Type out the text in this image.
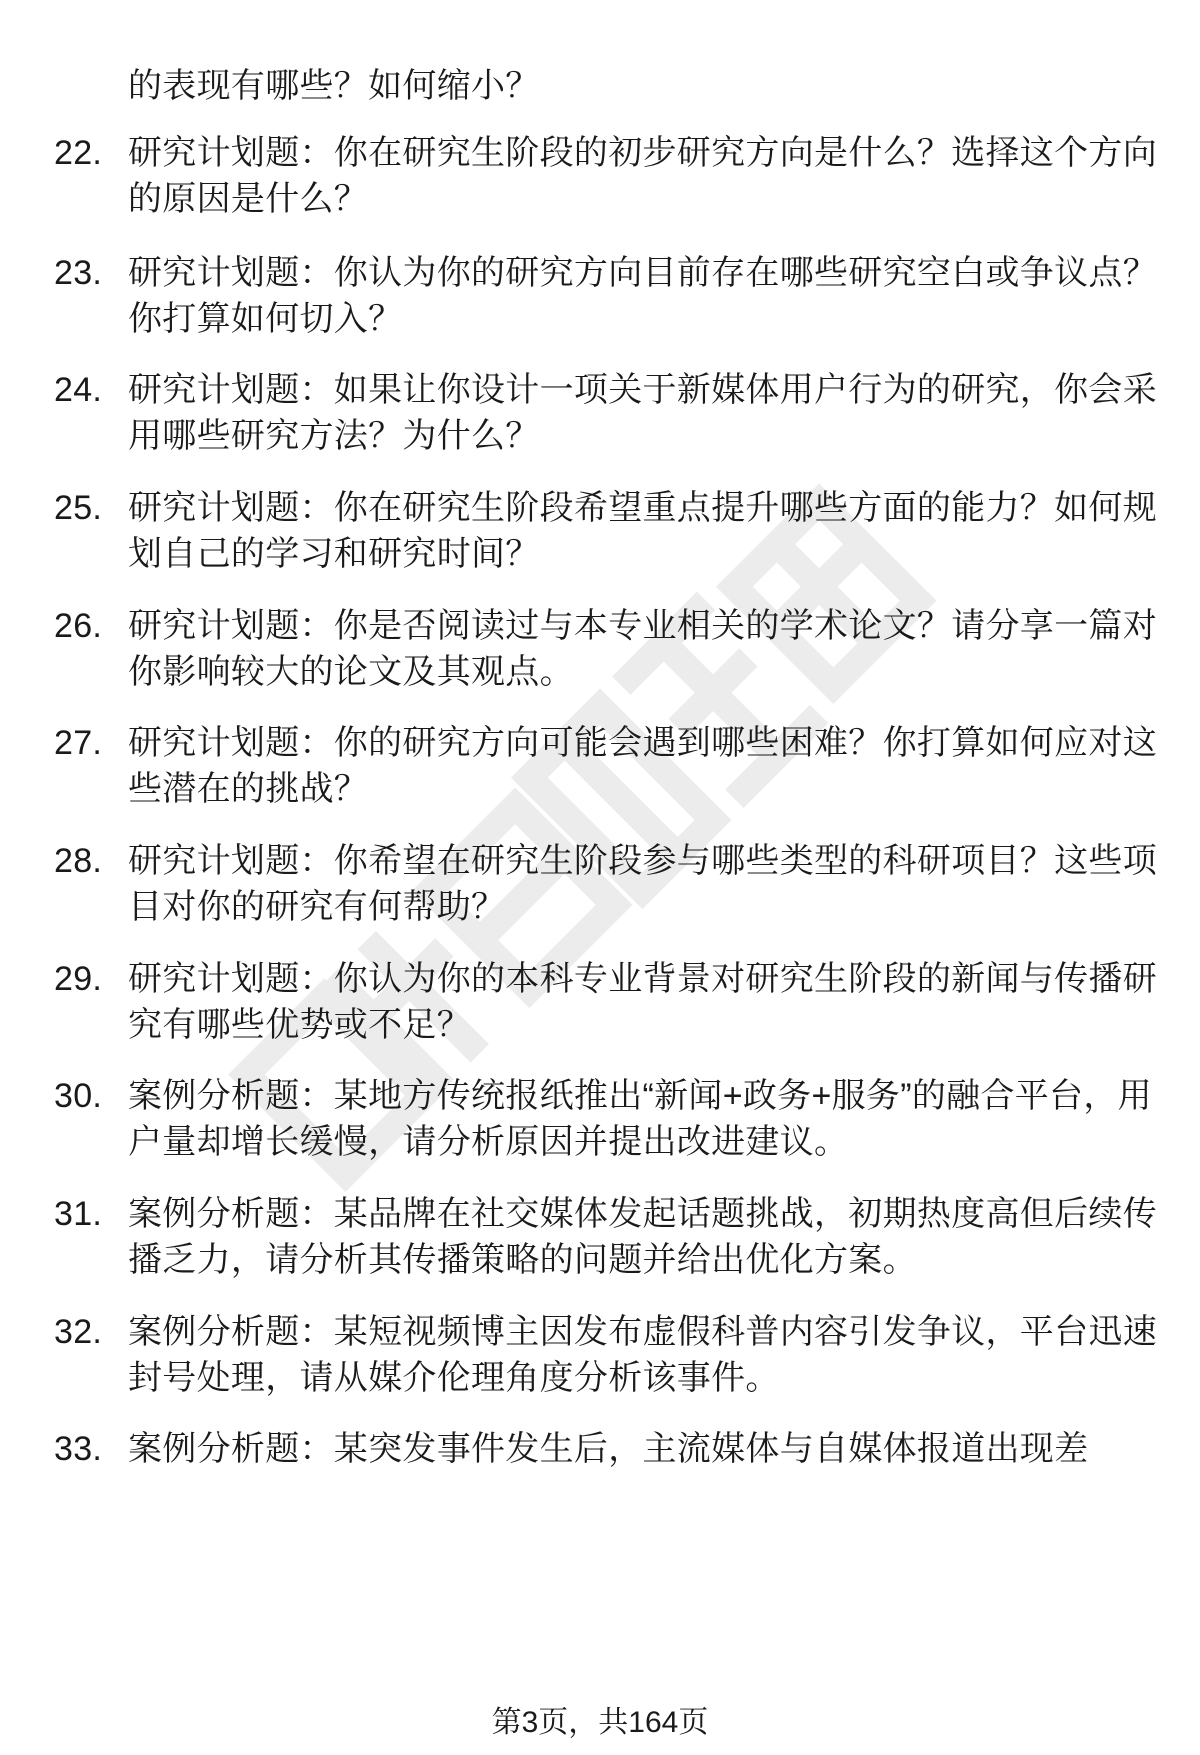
的表现有哪些？如何缩小？
22. 研究计划题：你在研究生阶段的初步研究方向是什么？选择这个方向的原因是什么？
23. 研究计划题：你认为你的研究方向目前存在哪些研究空白或争议点？你打算如何切入？
24. 研究计划题：如果让你设计一项关于新媒体用户行为的研究，你会采用哪些研究方法？为什么？
25. 研究计划题：你在研究生阶段希望重点提升哪些方面的能力？如何规划自己的学习和研究时间？
26. 研究计划题：你是否阅读过与本专业相关的学术论文？请分享一篇对你影响较大的论文及其观点。
27. 研究计划题：你的研究方向可能会遇到哪些困难？你打算如何应对这些潜在的挑战？
28. 研究计划题：你希望在研究生阶段参与哪些类型的科研项目？这些项目对你的研究有何帮助？
29. 研究计划题：你认为你的本科专业背景对研究生阶段的新闻与传播研究有哪些优势或不足？
30. 案例分析题：某地方传统报纸推出“新闻+政务+服务”的融合平台，用户量却增长缓慢，请分析原因并提出改进建议。
31. 案例分析题：某品牌在社交媒体发起话题挑战，初期热度高但后续传播乏力，请分析其传播策略的问题并给出优化方案。
32. 案例分析题：某短视频博主因发布虚假科普内容引发争议，平台迅速封号处理，请从媒介伦理角度分析该事件。
33. 案例分析题：某突发事件发生后，主流媒体与自媒体报道出现差
第3页，共164页
